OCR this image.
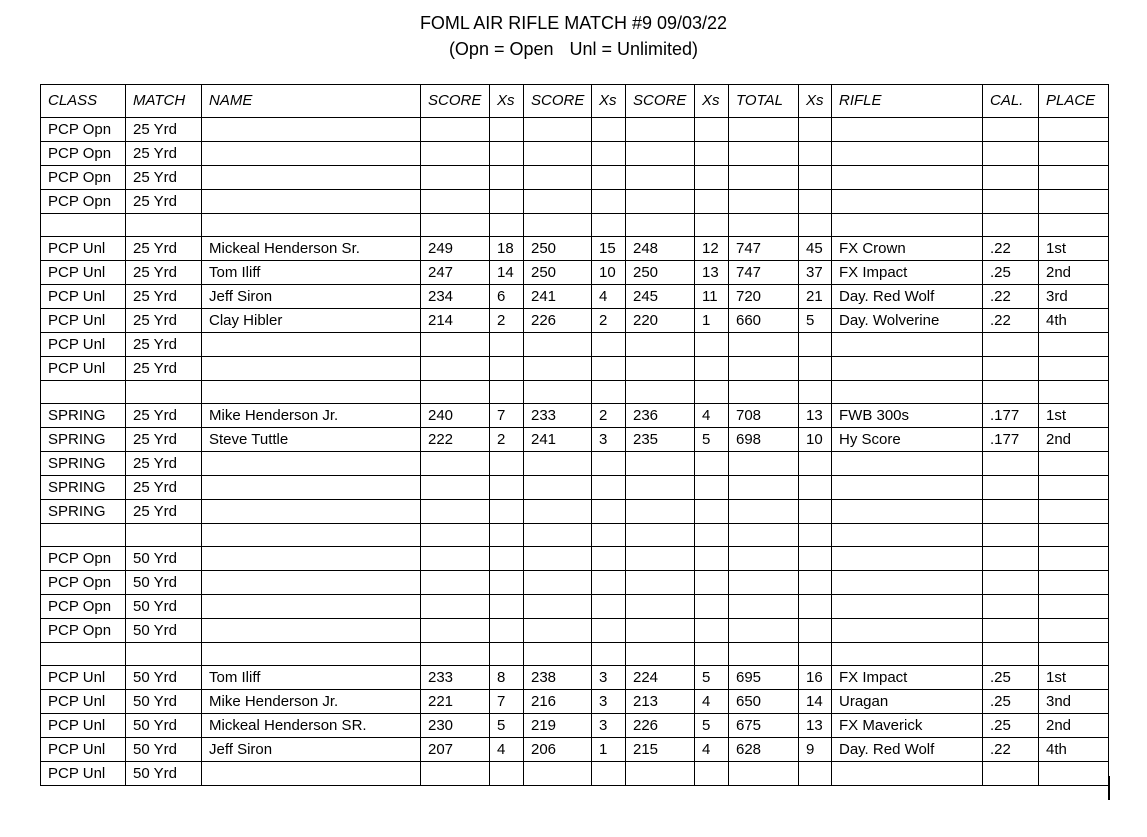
FOML AIR RIFLE MATCH #9 09/03/22
(Opn = Open Unl = Unlimited)
CLASS	MATCH	NAME	SCORE	Xs	SCORE	Xs	SCORE	Xs	TOTAL	Xs	RIFLE	CAL.	PLACE
PCP Opn	25 Yrd												
PCP Opn	25 Yrd												
PCP Opn	25 Yrd												
PCP Opn	25 Yrd												

PCP Unl	25 Yrd	Mickeal Henderson Sr.	249	18	250	15	248	12	747	45	FX Crown	.22	1st
PCP Unl	25 Yrd	Tom Iliff	247	14	250	10	250	13	747	37	FX Impact	.25	2nd
PCP Unl	25 Yrd	Jeff Siron	234	6	241	4	245	11	720	21	Day. Red Wolf	.22	3rd
PCP Unl	25 Yrd	Clay Hibler	214	2	226	2	220	1	660	5	Day. Wolverine	.22	4th
PCP Unl	25 Yrd												
PCP Unl	25 Yrd												

SPRING	25 Yrd	Mike Henderson Jr.	240	7	233	2	236	4	708	13	FWB 300s	.177	1st
SPRING	25 Yrd	Steve Tuttle	222	2	241	3	235	5	698	10	Hy Score	.177	2nd
SPRING	25 Yrd												
SPRING	25 Yrd												
SPRING	25 Yrd												

PCP Opn	50 Yrd												
PCP Opn	50 Yrd												
PCP Opn	50 Yrd												
PCP Opn	50 Yrd												

PCP Unl	50 Yrd	Tom Iliff	233	8	238	3	224	5	695	16	FX Impact	.25	1st
PCP Unl	50 Yrd	Mike Henderson Jr.	221	7	216	3	213	4	650	14	Uragan	.25	3nd
PCP Unl	50 Yrd	Mickeal Henderson SR.	230	5	219	3	226	5	675	13	FX Maverick	.25	2nd
PCP Unl	50 Yrd	Jeff Siron	207	4	206	1	215	4	628	9	Day. Red Wolf	.22	4th
PCP Unl	50 Yrd												
